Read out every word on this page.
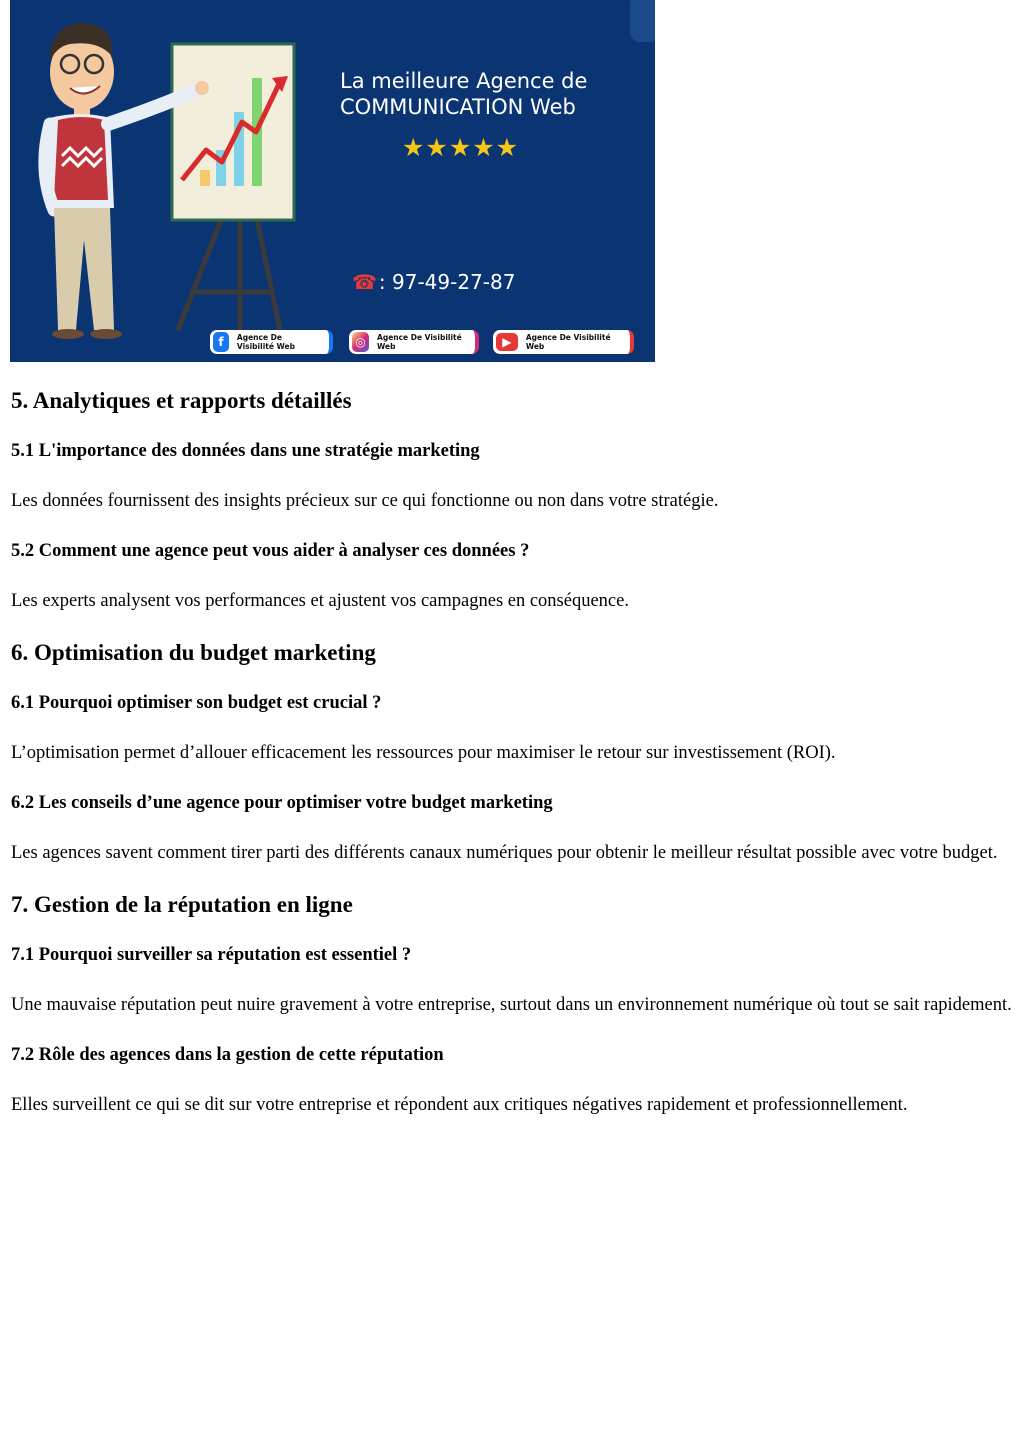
La meilleure Agence de
COMMUNICATION Web
★★★★★
☎ : 97-49-27-87
f	Agence De Visibilité Web	◎	Agence De Visibilité Web	▶	Agence De Visibilité Web
5. Analytiques et rapports détaillés
5.1 L'importance des données dans une stratégie marketing

Les données fournissent des insights précieux sur ce qui fonctionne ou non dans votre stratégie.

5.2 Comment une agence peut vous aider à analyser ces données ?

Les experts analysent vos performances et ajustent vos campagnes en conséquence.

6. Optimisation du budget marketing
6.1 Pourquoi optimiser son budget est crucial ?

L’optimisation permet d’allouer efficacement les ressources pour maximiser le retour sur investissement (ROI).

6.2 Les conseils d’une agence pour optimiser votre budget marketing

Les agences savent comment tirer parti des différents canaux numériques pour obtenir le meilleur résultat possible avec votre budget.

7. Gestion de la réputation en ligne
7.1 Pourquoi surveiller sa réputation est essentiel ?

Une mauvaise réputation peut nuire gravement à votre entreprise, surtout dans un environnement numérique où tout se sait rapidement.

7.2 Rôle des agences dans la gestion de cette réputation

Elles surveillent ce qui se dit sur votre entreprise et répondent aux critiques négatives rapidement et professionnellement.
